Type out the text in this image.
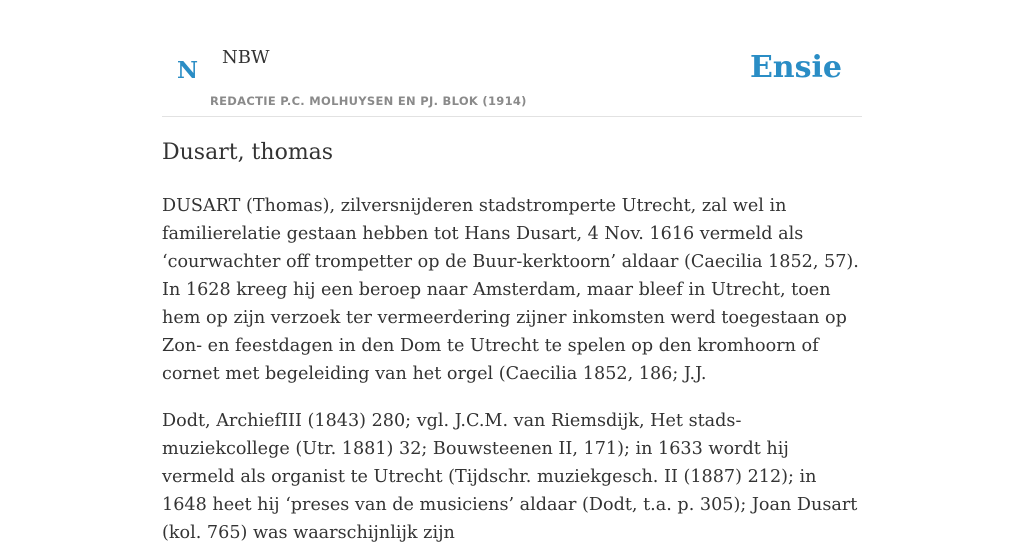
N NBW
REDACTIE P.C. MOLHUYSEN EN PJ. BLOK (1914)
Ensie
Dusart, thomas

DUSART (Thomas), zilversnijderen stadstromperte Utrecht, zal wel in familierelatie gestaan hebben tot Hans Dusart, 4 Nov. 1616 vermeld als ‘courwachter off trompetter op de Buur-kerktoorn’ aldaar (Caecilia 1852, 57). In 1628 kreeg hij een beroep naar Amsterdam, maar bleef in Utrecht, toen hem op zijn verzoek ter vermeerdering zijner inkomsten werd toegestaan op Zon- en feestdagen in den Dom te Utrecht te spelen op den kromhoorn of cornet met begeleiding van het orgel (Caecilia 1852, 186; J.J.

Dodt, ArchiefIII (1843) 280; vgl. J.C.M. van Riemsdijk, Het stads-muziekcollege (Utr. 1881) 32; Bouwsteenen II, 171); in 1633 wordt hij vermeld als organist te Utrecht (Tijdschr. muziekgesch. II (1887) 212); in 1648 heet hij ‘preses van de musiciens’ aldaar (Dodt, t.a. p. 305); Joan Dusart (kol. 765) was waarschijnlijk zijn
